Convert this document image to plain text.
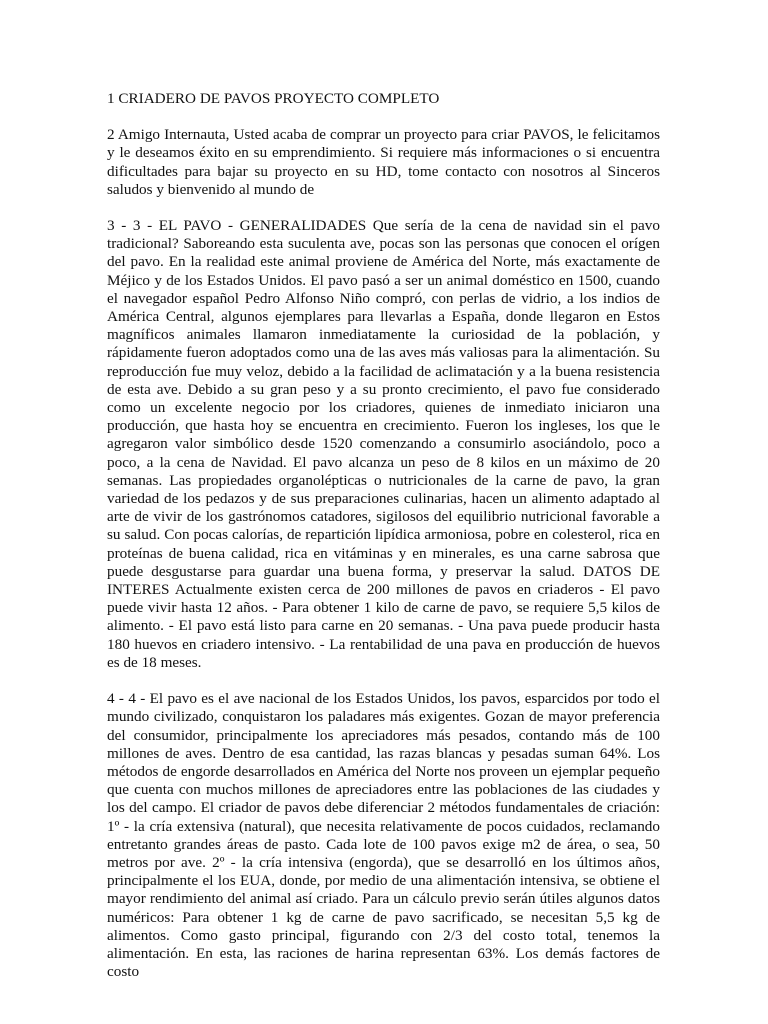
1 CRIADERO DE PAVOS PROYECTO COMPLETO

2 Amigo Internauta, Usted acaba de comprar un proyecto para criar PAVOS, le felicitamos y le deseamos éxito en su emprendimiento. Si requiere más informaciones o si encuentra dificultades para bajar su proyecto en su HD, tome contacto con nosotros al Sinceros saludos y bienvenido al mundo de

3 - 3 - EL PAVO - GENERALIDADES Que sería de la cena de navidad sin el pavo tradicional? Saboreando esta suculenta ave, pocas son las personas que conocen el orígen del pavo. En la realidad este animal proviene de América del Norte, más exactamente de Méjico y de los Estados Unidos. El pavo pasó a ser un animal doméstico en 1500, cuando el navegador español Pedro Alfonso Niño compró, con perlas de vidrio, a los indios de América Central, algunos ejemplares para llevarlas a España, donde llegaron en Estos magníficos animales llamaron inmediatamente la curiosidad de la población, y rápidamente fueron adoptados como una de las aves más valiosas para la alimentación. Su reproducción fue muy veloz, debido a la facilidad de aclimatación y a la buena resistencia de esta ave. Debido a su gran peso y a su pronto crecimiento, el pavo fue considerado como un excelente negocio por los criadores, quienes de inmediato iniciaron una producción, que hasta hoy se encuentra en crecimiento. Fueron los ingleses, los que le agregaron valor simbólico desde 1520 comenzando a consumirlo asociándolo, poco a poco, a la cena de Navidad. El pavo alcanza un peso de 8 kilos en un máximo de 20 semanas. Las propiedades organolépticas o nutricionales de la carne de pavo, la gran variedad de los pedazos y de sus preparaciones culinarias, hacen un alimento adaptado al arte de vivir de los gastrónomos catadores, sigilosos del equilibrio nutricional favorable a su salud. Con pocas calorías, de repartición lipídica armoniosa, pobre en colesterol, rica en proteínas de buena calidad, rica en vitáminas y en minerales, es una carne sabrosa que puede desgustarse para guardar una buena forma, y preservar la salud. DATOS DE INTERES Actualmente existen cerca de 200 millones de pavos en criaderos - El pavo puede vivir hasta 12 años. - Para obtener 1 kilo de carne de pavo, se requiere 5,5 kilos de alimento. - El pavo está listo para carne en 20 semanas. - Una pava puede producir hasta 180 huevos en criadero intensivo. - La rentabilidad de una pava en producción de huevos es de 18 meses.

4 - 4 - El pavo es el ave nacional de los Estados Unidos, los pavos, esparcidos por todo el mundo civilizado, conquistaron los paladares más exigentes. Gozan de mayor preferencia del consumidor, principalmente los apreciadores más pesados, contando más de 100 millones de aves. Dentro de esa cantidad, las razas blancas y pesadas suman 64%. Los métodos de engorde desarrollados en América del Norte nos proveen un ejemplar pequeño que cuenta con muchos millones de apreciadores entre las poblaciones de las ciudades y los del campo. El criador de pavos debe diferenciar 2 métodos fundamentales de criación: 1º - la cría extensiva (natural), que necesita relativamente de pocos cuidados, reclamando entretanto grandes áreas de pasto. Cada lote de 100 pavos exige m2 de área, o sea, 50 metros por ave. 2º - la cría intensiva (engorda), que se desarrolló en los últimos años, principalmente el los EUA, donde, por medio de una alimentación intensiva, se obtiene el mayor rendimiento del animal así criado. Para un cálculo previo serán útiles algunos datos numéricos: Para obtener 1 kg de carne de pavo sacrificado, se necesitan 5,5 kg de alimentos. Como gasto principal, figurando con 2/3 del costo total, tenemos la alimentación. En esta, las raciones de harina representan 63%. Los demás factores de costo
